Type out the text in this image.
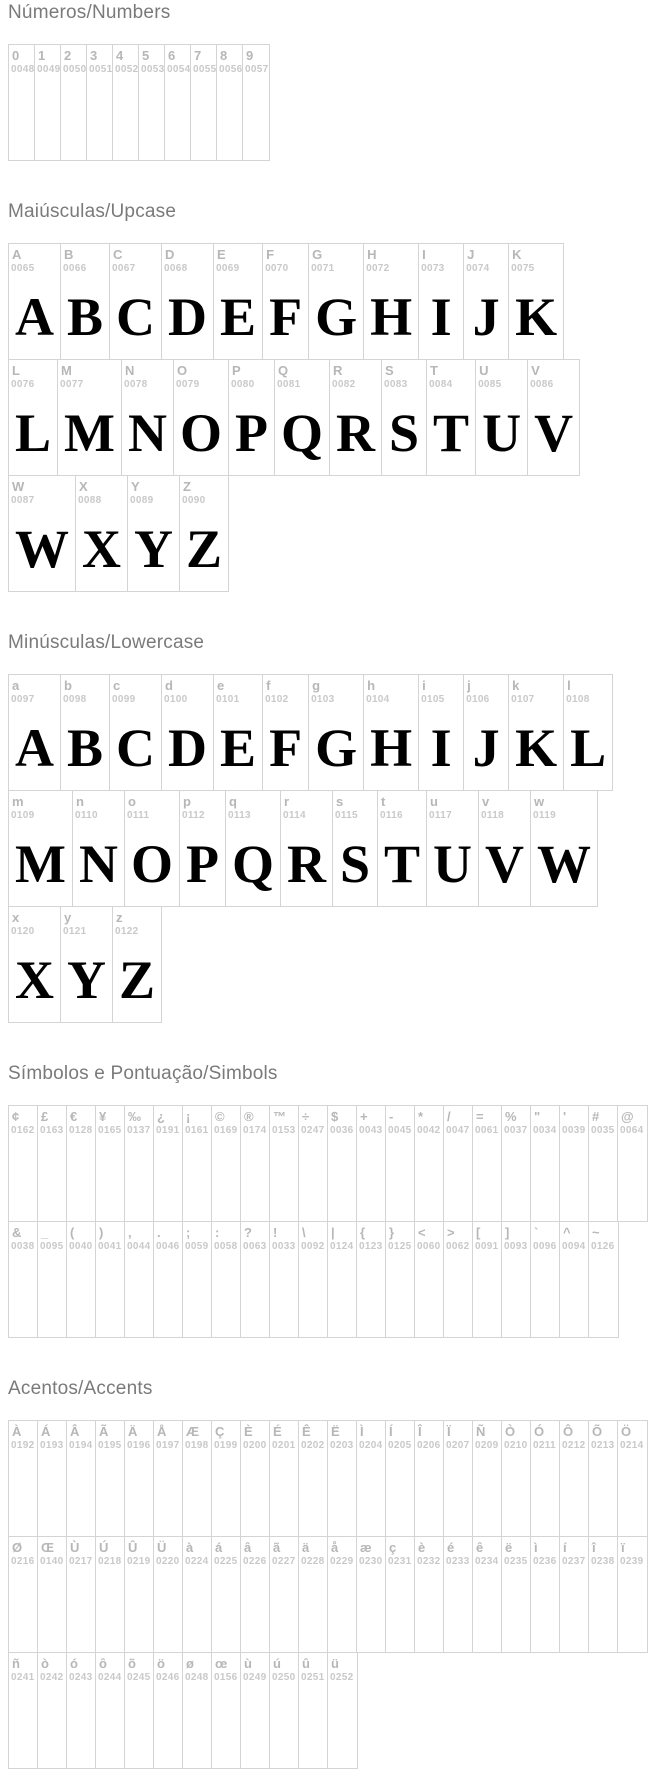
Números/Numbers
0
0048
1
0049
2
0050
3
0051
4
0052
5
0053
6
0054
7
0055
8
0056
9
0057
Maiúsculas/Upcase
A
0065
A
B
0066
B
C
0067
C
D
0068
D
E
0069
E
F
0070
F
G
0071
G
H
0072
H
I
0073
I
J
0074
J
K
0075
K
L
0076
L
M
0077
M
N
0078
N
O
0079
O
P
0080
P
Q
0081
Q
R
0082
R
S
0083
S
T
0084
T
U
0085
U
V
0086
V
W
0087
W
X
0088
X
Y
0089
Y
Z
0090
Z
Minúsculas/Lowercase
a
0097
A
b
0098
B
c
0099
C
d
0100
D
e
0101
E
f
0102
F
g
0103
G
h
0104
H
i
0105
I
j
0106
J
k
0107
K
l
0108
L
m
0109
M
n
0110
N
o
0111
O
p
0112
P
q
0113
Q
r
0114
R
s
0115
S
t
0116
T
u
0117
U
v
0118
V
w
0119
W
x
0120
X
y
0121
Y
z
0122
Z
Símbolos e Pontuação/Simbols
¢
0162
£
0163
€
0128
¥
0165
‰
0137
¿
0191
¡
0161
©
0169
®
0174
™
0153
÷
0247
$
0036
+
0043
-
0045
*
0042
/
0047
=
0061
%
0037
"
0034
'
0039
#
0035
@
0064
&
0038
_
0095
(
0040
)
0041
,
0044
.
0046
;
0059
:
0058
?
0063
!
0033
\
0092
|
0124
{
0123
}
0125
<
0060
>
0062
[
0091
]
0093
`
0096
^
0094
~
0126
Acentos/Accents
À
0192
Á
0193
Â
0194
Ã
0195
Ä
0196
Å
0197
Æ
0198
Ç
0199
È
0200
É
0201
Ê
0202
Ë
0203
Ì
0204
Í
0205
Î
0206
Ï
0207
Ñ
0209
Ò
0210
Ó
0211
Ô
0212
Õ
0213
Ö
0214
Ø
0216
Œ
0140
Ù
0217
Ú
0218
Û
0219
Ü
0220
à
0224
á
0225
â
0226
ã
0227
ä
0228
å
0229
æ
0230
ç
0231
è
0232
é
0233
ê
0234
ë
0235
ì
0236
í
0237
î
0238
ï
0239
ñ
0241
ò
0242
ó
0243
ô
0244
õ
0245
ö
0246
ø
0248
œ
0156
ù
0249
ú
0250
û
0251
ü
0252
